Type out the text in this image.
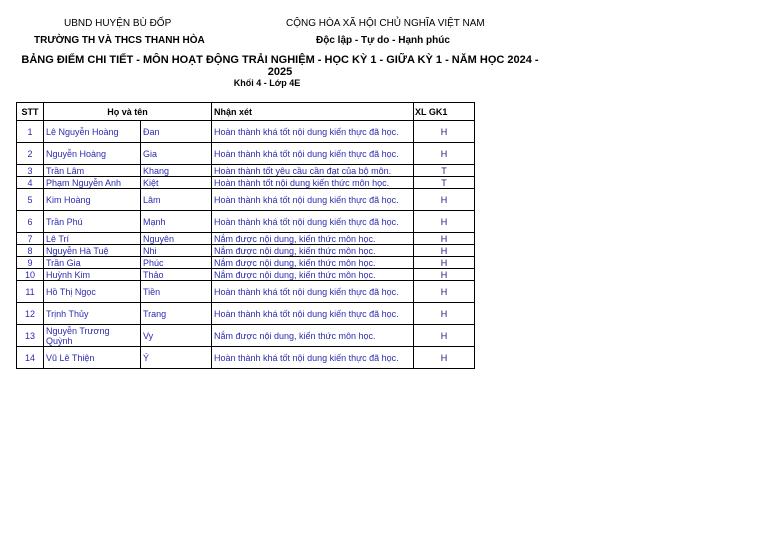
UBND HUYỆN BÙ ĐỐP
TRƯỜNG TH VÀ THCS THANH HÒA
CỘNG HÒA XÃ HỘI CHỦ NGHĨA VIỆT NAM
Độc lập - Tự do - Hạnh phúc
BẢNG ĐIỂM CHI TIẾT - MÔN HOẠT ĐỘNG TRẢI NGHIỆM - HỌC KỲ 1 - GIỮA KỲ 1 - NĂM HỌC 2024 -
2025
Khối 4 - Lớp 4E
STT	Họ và tên		Nhận xét	XL GK1
1	Lê Nguyễn Hoàng	Đan	Hoàn thành khá tốt nội dung kiến thực đã học.	H
2	Nguyễn Hoàng	Gia	Hoàn thành khá tốt nội dung kiến thực đã học.	H
3	Trần Lâm	Khang	Hoàn thành tốt yêu cầu cần đạt của bộ môn.	T
4	Phạm Nguyễn Anh	Kiệt	Hoàn thành tốt nội dung kiến thức môn học.	T
5	Kim Hoàng	Lâm	Hoàn thành khá tốt nội dung kiến thực đã học.	H
6	Trần Phú	Mạnh	Hoàn thành khá tốt nội dung kiến thực đã học.	H
7	Lê Trí	Nguyên	Nắm được nội dung, kiến thức môn học.	H
8	Nguyễn Hà Tuệ	Nhi	Nắm được nội dung, kiến thức môn học.	H
9	Trần Gia	Phúc	Nắm được nội dung, kiến thức môn học.	H
10	Huỳnh Kim	Thảo	Nắm được nội dung, kiến thức môn học.	H
11	Hồ Thị Ngọc	Tiền	Hoàn thành khá tốt nội dung kiến thực đã học.	H
12	Trịnh Thủy	Trang	Hoàn thành khá tốt nội dung kiến thực đã học.	H
13	Nguyễn Trương Quỳnh	Vy	Nắm được nội dung, kiến thức môn học.	H
14	Vũ Lê Thiện	Ý	Hoàn thành khá tốt nội dung kiến thực đã học.	H
